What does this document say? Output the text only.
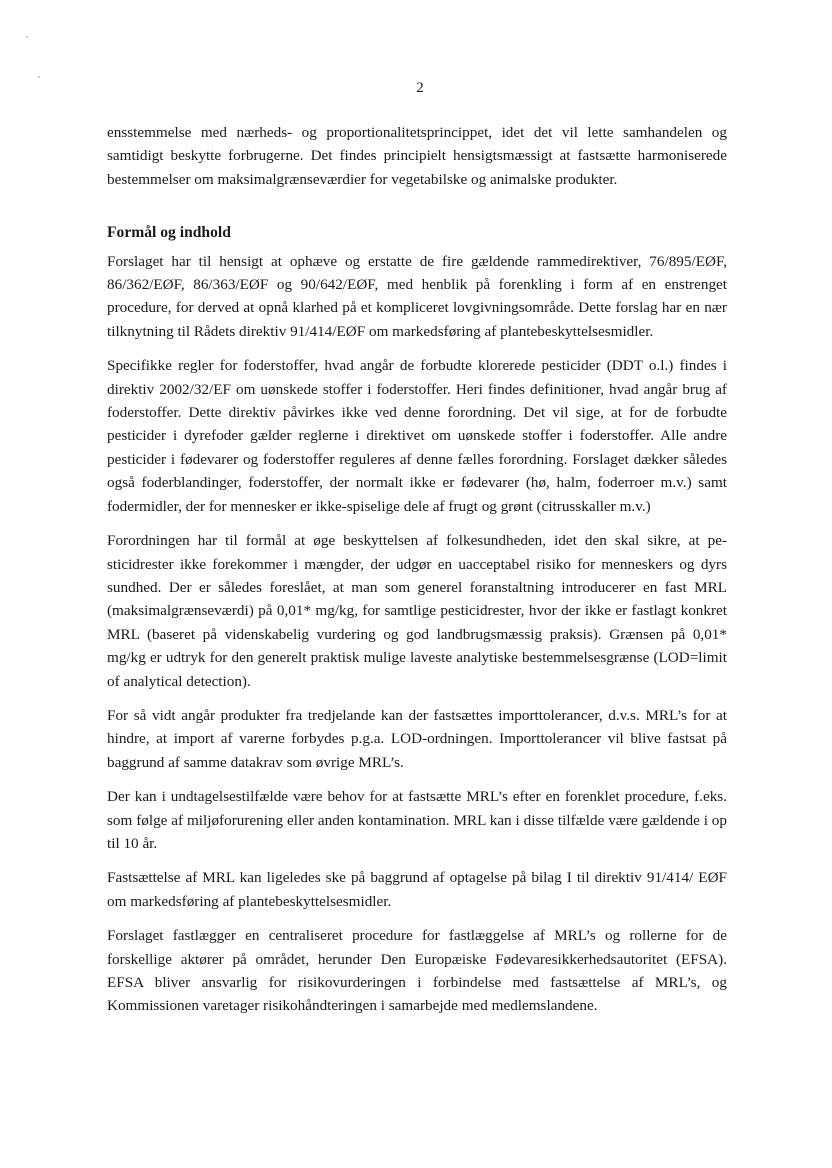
2

ensstemmelse med nærheds- og proportionalitetsprincippet, idet det vil lette samhandelen og samtidigt beskytte forbrugerne. Det findes principielt hensigtsmæssigt at fastsætte harmoniserede bestemmelser om maksimalgrænseværdier for vegetabilske og animalske produkter.

Formål og indhold

Forslaget har til hensigt at ophæve og erstatte de fire gældende rammedirektiver, 76/895/EØF, 86/362/EØF, 86/363/EØF og 90/642/EØF, med henblik på forenkling i form af en enstrenget procedure, for derved at opnå klarhed på et kompliceret lovgivningsområde. Dette forslag har en nær tilknytning til Rådets direktiv 91/414/EØF om markedsføring af plantebeskyttelsesmidler.

Specifikke regler for foderstoffer, hvad angår de forbudte klorerede pesticider (DDT o.l.) findes i direktiv 2002/32/EF om uønskede stoffer i foderstoffer. Heri findes definitioner, hvad angår brug af foderstoffer. Dette direktiv påvirkes ikke ved denne forordning. Det vil sige, at for de forbudte pesticider i dyrefoder gælder reglerne i direktivet om uønskede stoffer i foderstoffer. Alle andre pesticider i fødevarer og foderstoffer reguleres af denne fælles forordning. Forslaget dækker således også foderblandinger, foderstoffer, der normalt ikke er fødevarer (hø, halm, foderroer m.v.) samt fodermidler, der for mennesker er ikke-spiselige dele af frugt og grønt (citrusskaller m.v.)

Forordningen har til formål at øge beskyttelsen af folkesundheden, idet den skal sikre, at pesticidrester ikke forekommer i mængder, der udgør en uacceptabel risiko for menneskers og dyrs sundhed. Der er således foreslået, at man som generel foranstaltning introducerer en fast MRL (maksimalgrænseværdi) på 0,01* mg/kg, for samtlige pesticidrester, hvor der ikke er fastlagt konkret MRL (baseret på videnskabelig vurdering og god landbrugsmæssig praksis). Grænsen på 0,01* mg/kg er udtryk for den generelt praktisk mulige laveste analytiske bestemmelsesgrænse (LOD=limit of analytical detection).

For så vidt angår produkter fra tredjelande kan der fastsættes importtolerancer, d.v.s. MRL’s for at hindre, at import af varerne forbydes p.g.a. LOD-ordningen. Importtolerancer vil blive fastsat på baggrund af samme datakrav som øvrige MRL’s.

Der kan i undtagelsestilfælde være behov for at fastsætte MRL’s efter en forenklet procedure, f.eks. som følge af miljøforurening eller anden kontamination. MRL kan i disse tilfælde være gældende i op til 10 år.

Fastsættelse af MRL kan ligeledes ske på baggrund af optagelse på bilag I til direktiv 91/414/ EØF om markedsføring af plantebeskyttelsesmidler.

Forslaget fastlægger en centraliseret procedure for fastlæggelse af MRL’s og rollerne for de forskellige aktører på området, herunder Den Europæiske Fødevaresikkerhedsautoritet (EFSA). EFSA bliver ansvarlig for risikovurderingen i forbindelse med fastsættelse af MRL’s, og Kommissionen varetager risikohåndteringen i samarbejde med medlemslandene.
